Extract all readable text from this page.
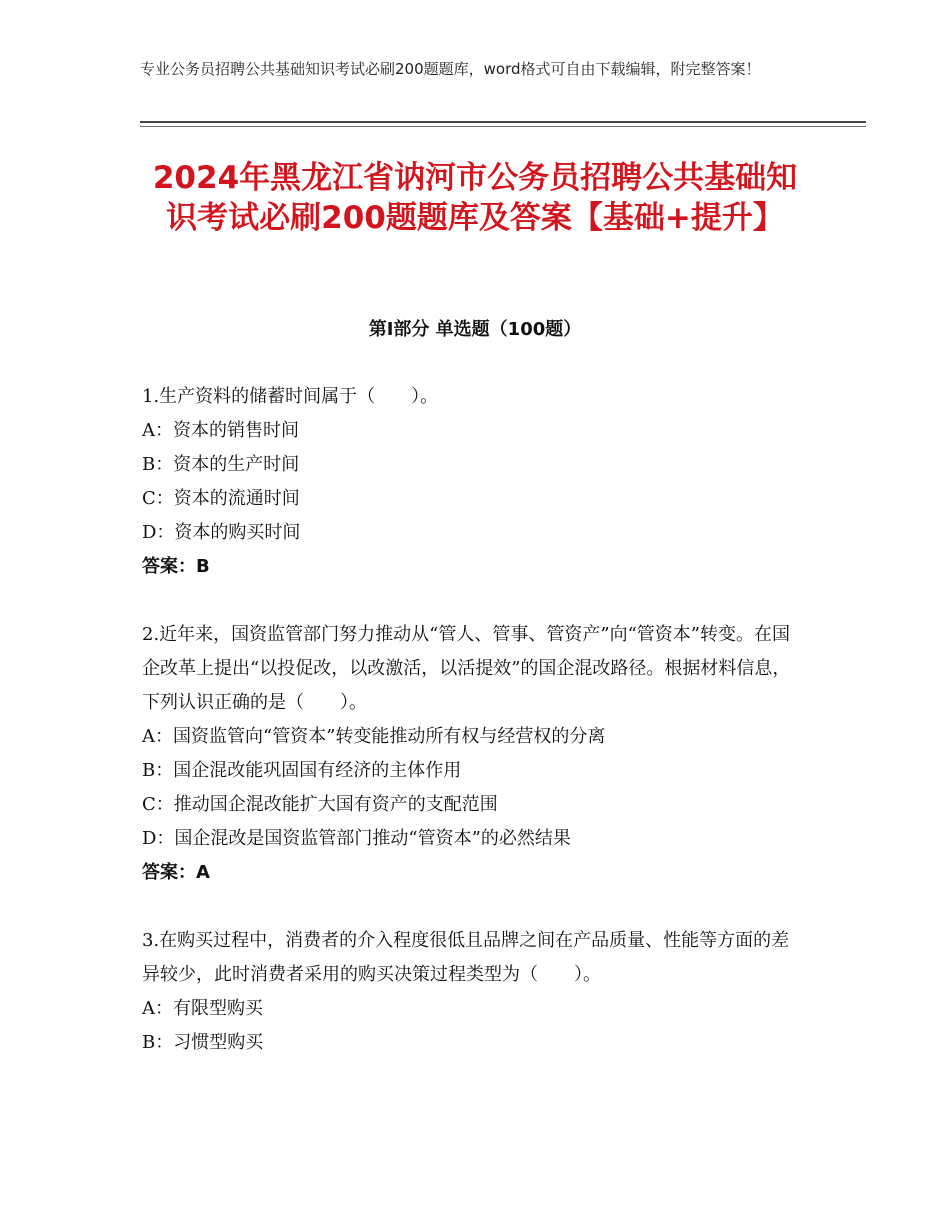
专业公务员招聘公共基础知识考试必刷200题题库，word格式可自由下载编辑，附完整答案！
2024年黑龙江省讷河市公务员招聘公共基础知识考试必刷200题题库及答案【基础+提升】
第Ⅰ部分 单选题（100题）

1.生产资料的储蓄时间属于（　　）。

A：资本的销售时间

B：资本的生产时间

C：资本的流通时间

D：资本的购买时间

答案：B

2.近年来，国资监管部门努力推动从“管人、管事、管资产”向“管资本”转变。在国企改革上提出“以投促改，以改激活，以活提效”的国企混改路径。根据材料信息，下列认识正确的是（　　）。

A：国资监管向“管资本”转变能推动所有权与经营权的分离

B：国企混改能巩固国有经济的主体作用

C：推动国企混改能扩大国有资产的支配范围

D：国企混改是国资监管部门推动“管资本”的必然结果

答案：A

3.在购买过程中，消费者的介入程度很低且品牌之间在产品质量、性能等方面的差异较少，此时消费者采用的购买决策过程类型为（　　）。

A：有限型购买

B：习惯型购买
